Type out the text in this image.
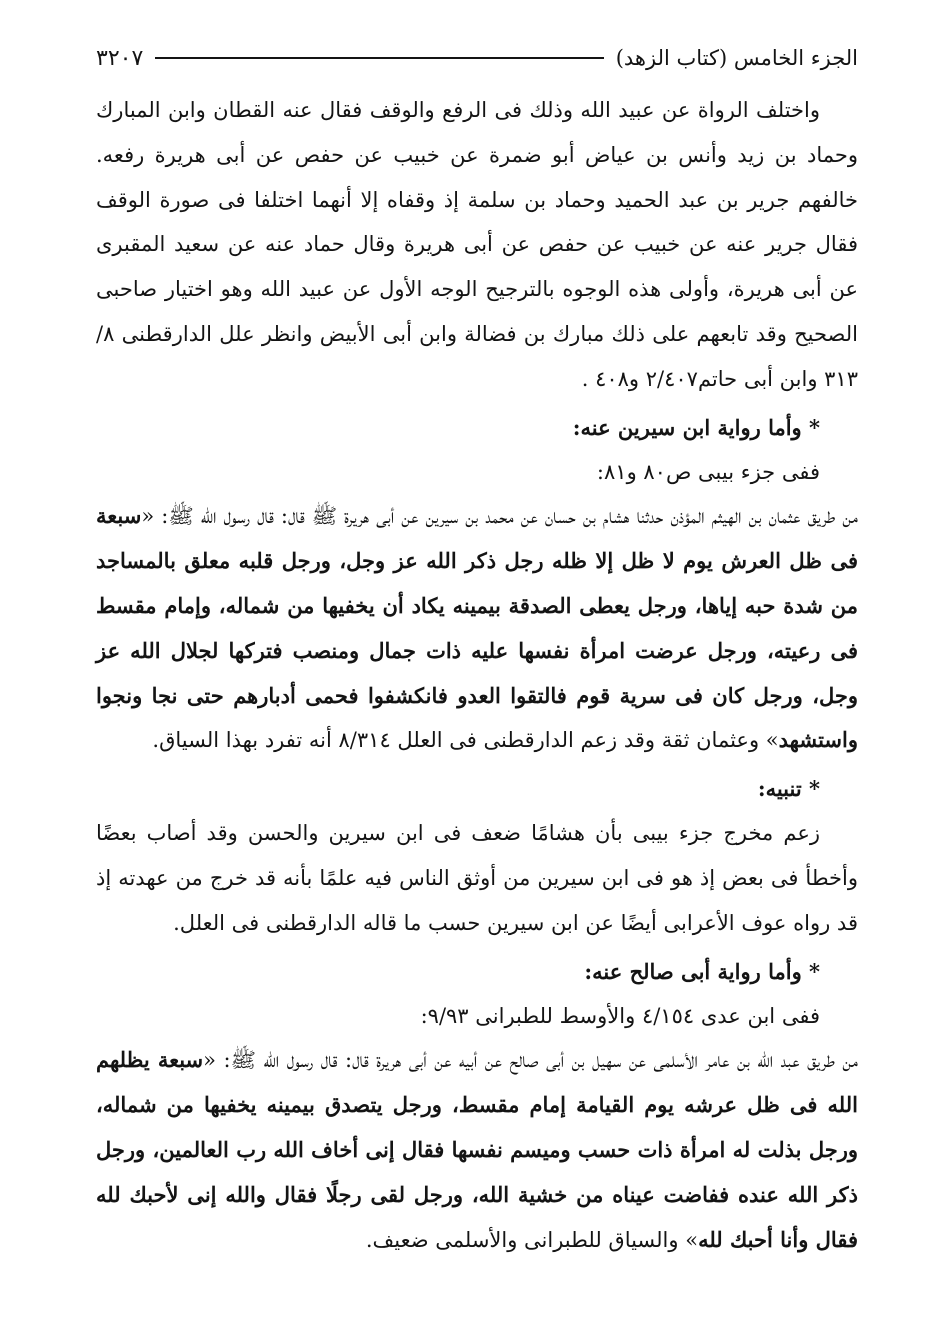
الجزء الخامس (كتاب الزهد)
٣٢٠٧

واختلف الرواة عن عبيد الله وذلك فى الرفع والوقف فقال عنه القطان وابن المبارك وحماد بن زيد وأنس بن عياض أبو ضمرة عن خبيب عن حفص عن أبى هريرة رفعه. خالفهم جرير بن عبد الحميد وحماد بن سلمة إذ وقفاه إلا أنهما اختلفا فى صورة الوقف فقال جرير عنه عن خبيب عن حفص عن أبى هريرة وقال حماد عنه عن سعيد المقبرى عن أبى هريرة، وأولى هذه الوجوه بالترجيح الوجه الأول عن عبيد الله وهو اختيار صاحبى الصحيح وقد تابعهم على ذلك مبارك بن فضالة وابن أبى الأبيض وانظر علل الدارقطنى ٨/ ٣١٣ وابن أبى حاتم٢/٤٠٧ و٤٠٨ .

* وأما رواية ابن سيرين عنه:

ففى جزء بيبى ص٨٠ و٨١:

من طريق عثمان بن الهيثم المؤذن حدثنا هشام بن حسان عن محمد بن سيرين عن أبى هريرة ﷺ قال: قال رسول الله ﷺ: «سبعة فى ظل العرش يوم لا ظل إلا ظله رجل ذكر الله عز وجل، ورجل قلبه معلق بالمساجد من شدة حبه إياها، ورجل يعطى الصدقة بيمينه يكاد أن يخفيها من شماله، وإمام مقسط فى رعيته، ورجل عرضت امرأة نفسها عليه ذات جمال ومنصب فتركها لجلال الله عز وجل، ورجل كان فى سرية قوم فالتقوا العدو فانكشفوا فحمى أدبارهم حتى نجا ونجوا واستشهد» وعثمان ثقة وقد زعم الدارقطنى فى العلل ٨/٣١٤ أنه تفرد بهذا السياق.

* تنبيه:

زعم مخرج جزء بيبى بأن هشامًا ضعف فى ابن سيرين والحسن وقد أصاب بعضًا وأخطأ فى بعض إذ هو فى ابن سيرين من أوثق الناس فيه علمًا بأنه قد خرج من عهدته إذ قد رواه عوف الأعرابى أيضًا عن ابن سيرين حسب ما قاله الدارقطنى فى العلل.

* وأما رواية أبى صالح عنه:

ففى ابن عدى ٤/١٥٤ والأوسط للطبرانى ٩/٩٣:

من طريق عبد الله بن عامر الأسلمى عن سهيل بن أبى صالح عن أبيه عن أبى هريرة قال: قال رسول الله ﷺ: «سبعة يظلهم الله فى ظل عرشه يوم القيامة إمام مقسط، ورجل يتصدق بيمينه يخفيها من شماله، ورجل بذلت له امرأة ذات حسب وميسم نفسها فقال إنى أخاف الله رب العالمين، ورجل ذكر الله عنده ففاضت عيناه من خشية الله، ورجل لقى رجلًا فقال والله إنى لأحبك لله فقال وأنا أحبك لله» والسياق للطبرانى والأسلمى ضعيف.
